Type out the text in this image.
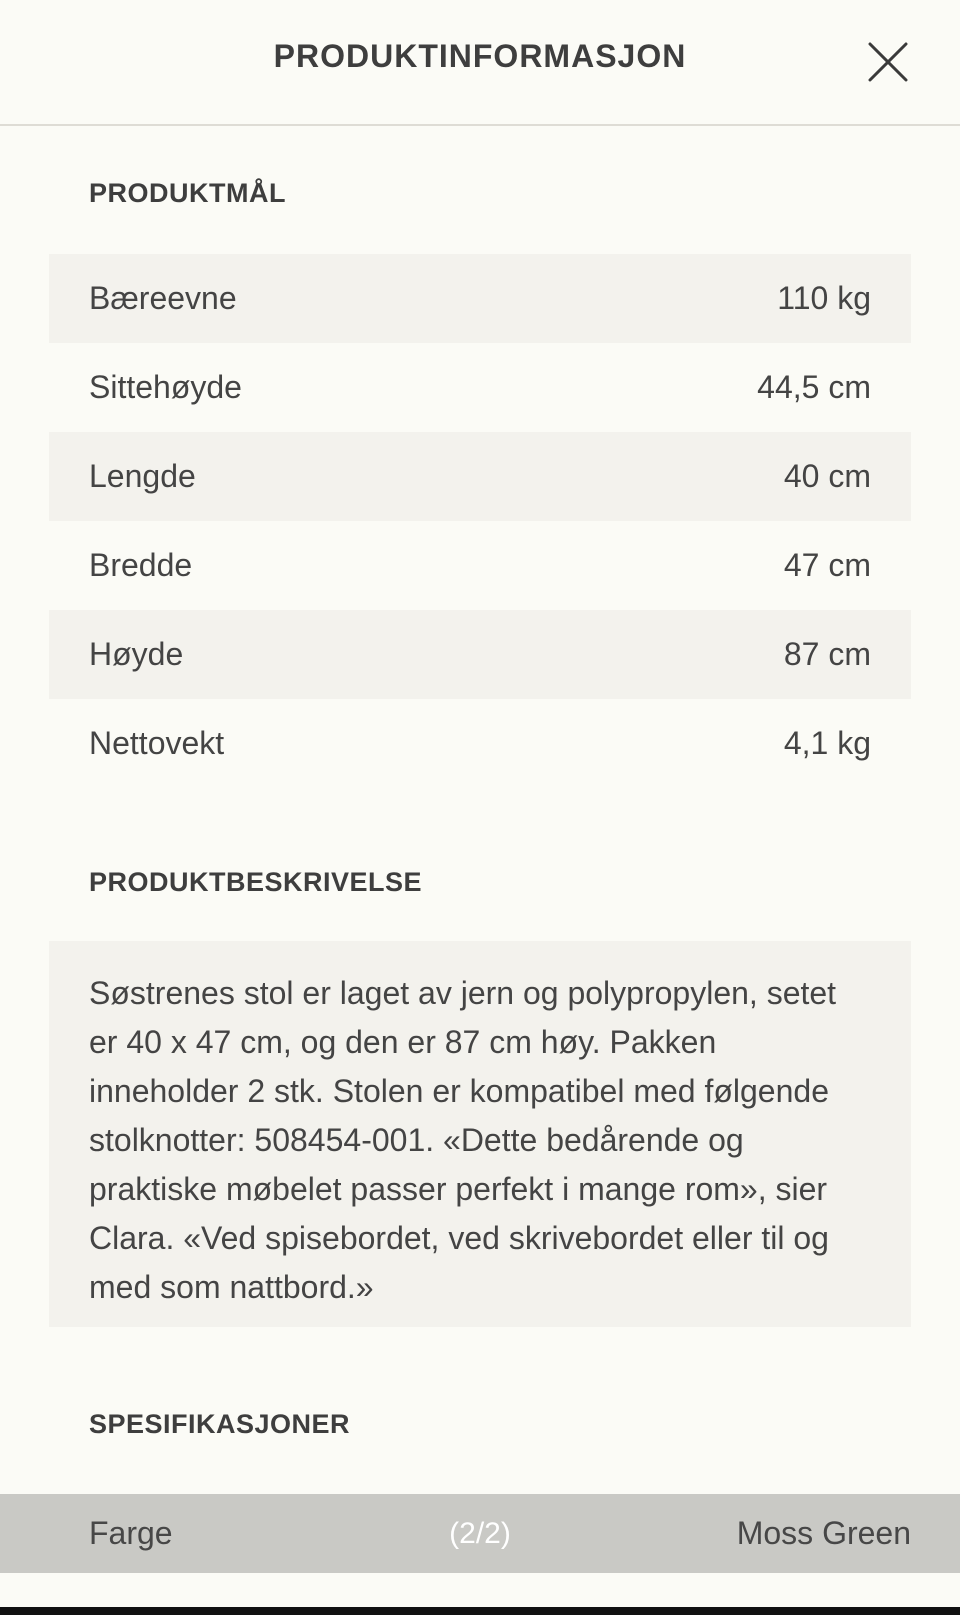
PRODUKTINFORMASJON
PRODUKTMÅL
Bæreevne	110 kg
Sittehøyde	44,5 cm
Lengde	40 cm
Bredde	47 cm
Høyde	87 cm
Nettovekt	4,1 kg
PRODUKTBESKRIVELSE

Søstrenes stol er laget av jern og polypropylen, setet er 40 x 47 cm, og den er 87 cm høy. Pakken inneholder 2 stk. Stolen er kompatibel med følgende stolknotter: 508454-001. «Dette bedårende og praktiske møbelet passer perfekt i mange rom», sier Clara. «Ved spisebordet, ved skrivebordet eller til og med som nattbord.»

SPESIFIKASJONER
Farge	(2/2)	Moss Green
